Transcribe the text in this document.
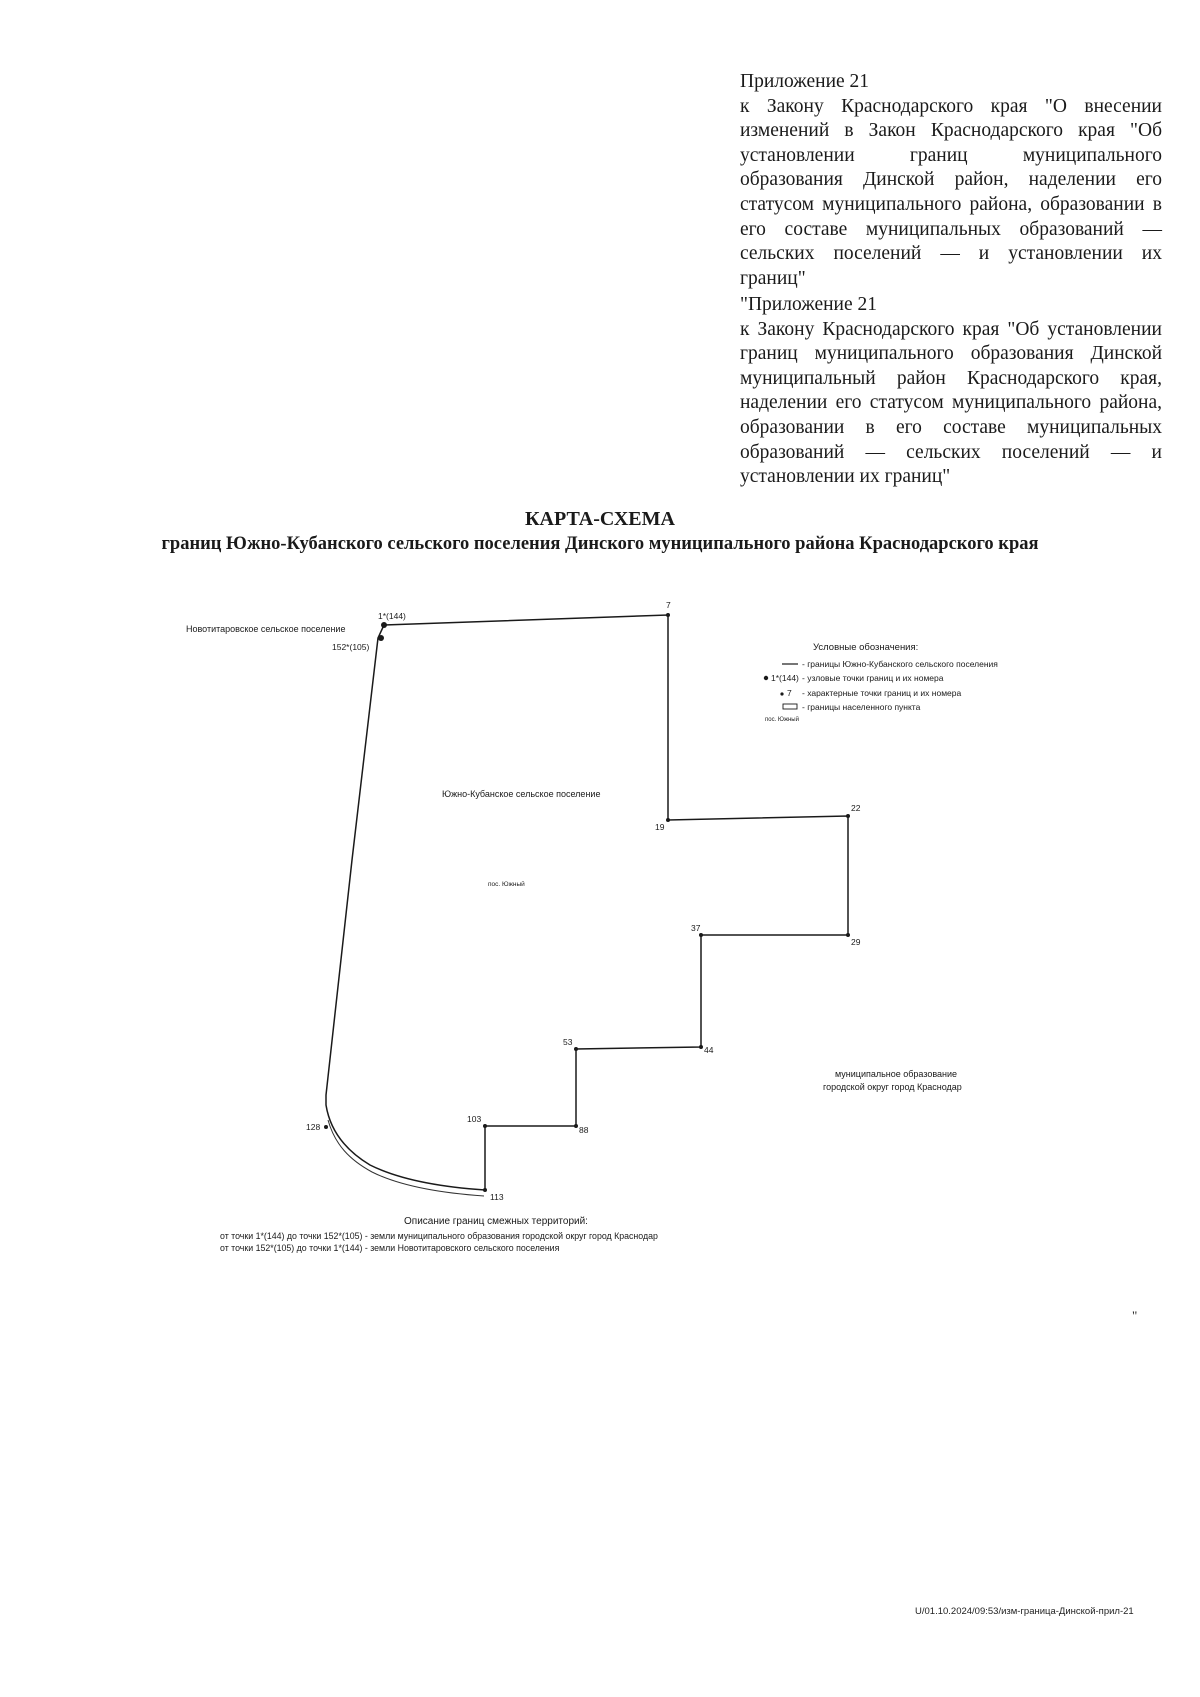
Приложение 21

к Закону Краснодарского края "О внесении изменений в Закон Краснодарского края "Об установлении границ муниципального образования Динской район, наделении его статусом муниципального района, образовании в его составе муниципальных образований — сельских поселений — и установлении их границ"

"Приложение 21

к Закону Краснодарского края "Об установлении границ муниципального образования Динской муниципальный район Краснодарского края, наделении его статусом муниципального района, образовании в его составе муниципальных образований — сельских поселений — и установлении их границ"

КАРТА-СХЕМА
границ Южно-Кубанского сельского поселения Динского муниципального района Краснодарского края
1*(144)
152*(105)
7
19
22
29
37
44
53
88
103
113
128
Южно-Кубанское сельское поселение
пос. Южный
Новотитаровское сельское поселение
муниципальное образование
городской округ город Краснодар
Условные обозначения:
- границы Южно-Кубанского сельского поселения
1*(144) - узловые точки границ и их номера
7 - характерные точки границ и их номера
- границы населенного пункта
пос. Южный
Описание границ смежных территорий:
от точки 1*(144) до точки 152*(105) - земли муниципального образования городской округ город Краснодар
от точки 152*(105) до точки 1*(144) - земли Новотитаровского сельского поселения
"
U/01.10.2024/09:53/изм-граница-Динской-прил-21
